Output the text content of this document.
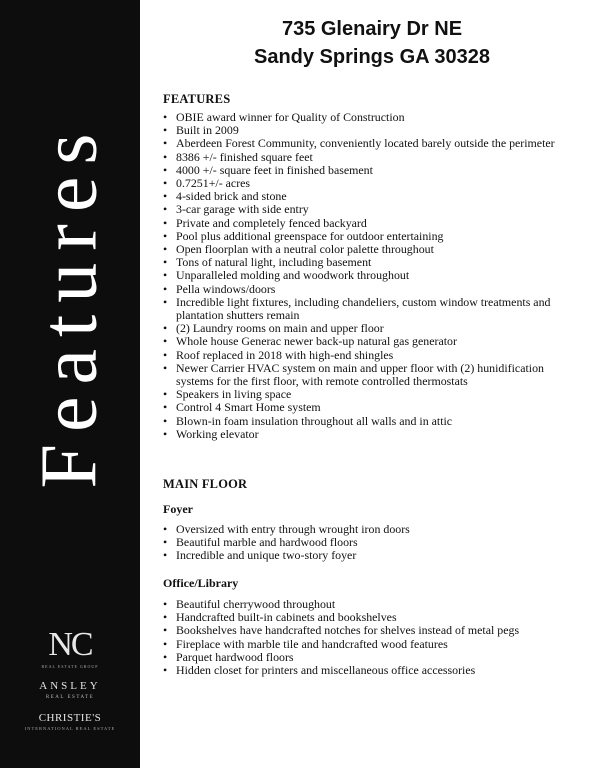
Features
NC
REAL ESTATE GROUP
ANSLEY
REAL ESTATE
CHRISTIE'S
INTERNATIONAL REAL ESTATE
735 Glenairy Dr NE
Sandy Springs GA 30328
FEATURES
• OBIE award winner for Quality of Construction
• Built in 2009
• Aberdeen Forest Community, conveniently located barely outside the perimeter
• 8386 +/- finished square feet
• 4000 +/- square feet in finished basement
• 0.7251+/- acres
• 4-sided brick and stone
• 3-car garage with side entry
• Private and completely fenced backyard
• Pool plus additional greenspace for outdoor entertaining
• Open floorplan with a neutral color palette throughout
• Tons of natural light, including basement
• Unparalleled molding and woodwork throughout
• Pella windows/doors
• Incredible light fixtures, including chandeliers, custom window treatments and plantation shutters remain
• (2) Laundry rooms on main and upper floor
• Whole house Generac newer back-up natural gas generator
• Roof replaced in 2018 with high-end shingles
• Newer Carrier HVAC system on main and upper floor with (2) hunidification systems for the first floor, with remote controlled thermostats
• Speakers in living space
• Control 4 Smart Home system
• Blown-in foam insulation throughout all walls and in attic
• Working elevator
MAIN FLOOR
Foyer
• Oversized with entry through wrought iron doors
• Beautiful marble and hardwood floors
• Incredible and unique two-story foyer
Office/Library
• Beautiful cherrywood throughout
• Handcrafted built-in cabinets and bookshelves
• Bookshelves have handcrafted notches for shelves instead of metal pegs
• Fireplace with marble tile and handcrafted wood features
• Parquet hardwood floors
• Hidden closet for printers and miscellaneous office accessories
